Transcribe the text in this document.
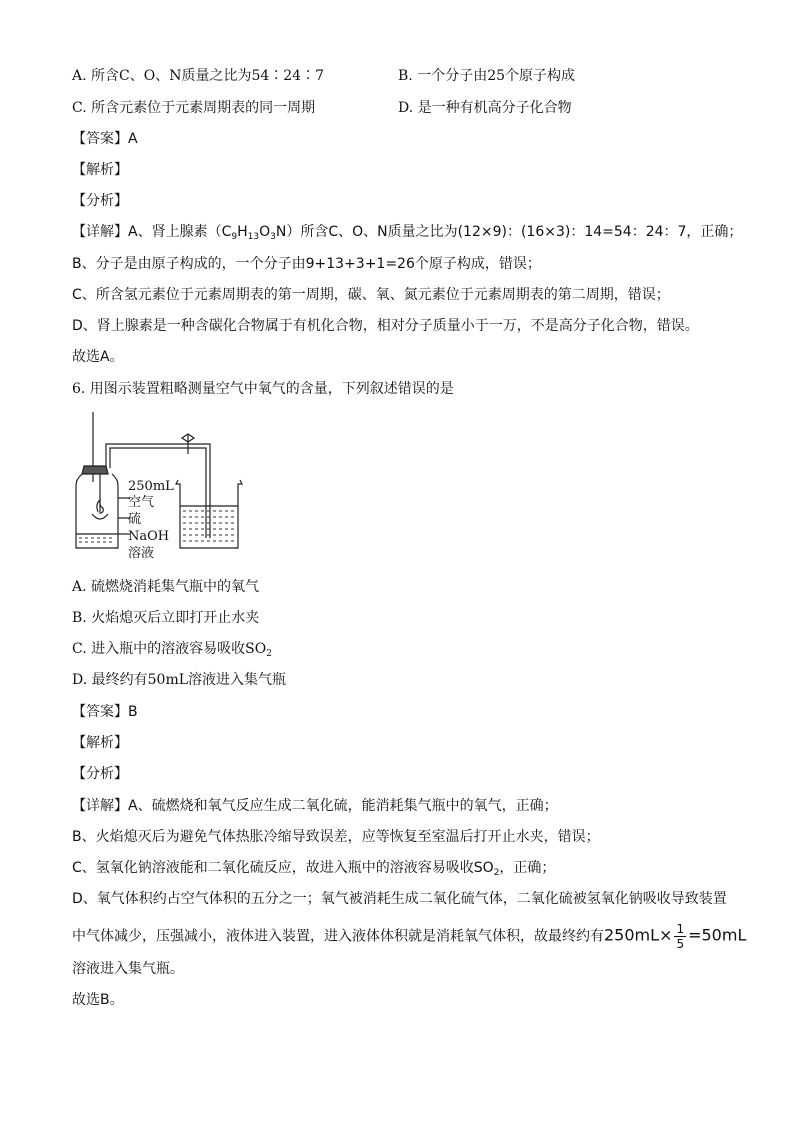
A. 所含C、O、N质量之比为54∶24∶7	B. 一个分子由25个原子构成
C. 所含元素位于元素周期表的同一周期	D. 是一种有机高分子化合物
【答案】A
【解析】
【分析】
【详解】A、肾上腺素$(C_9H_{13}O_3N)$所含C、O、N质量之比为(12×9)：(16×3)：14=54：24：7，正确；
B、分子是由原子构成的，一个分子由9+13+3+1=26个原子构成，错误；
C、所含氢元素位于元素周期表的第一周期，碳、氧、氮元素位于元素周期表的第二周期，错误；
D、肾上腺素是一种含碳化合物属于有机化合物，相对分子质量小于一万，不是高分子化合物，错误。
故选A。
6. 用图示装置粗略测量空气中氧气的含量，下列叙述错误的是
250mL
空气
硫
NaOH
溶液
A. 硫燃烧消耗集气瓶中的氧气
B. 火焰熄灭后立即打开止水夹
C. 进入瓶中的溶液容易吸收$SO_2$
D. 最终约有50mL溶液进入集气瓶
【答案】B
【解析】
【分析】
【详解】A、硫燃烧和氧气反应生成二氧化硫，能消耗集气瓶中的氧气，正确；
B、火焰熄灭后为避免气体热胀冷缩导致误差，应等恢复至室温后打开止水夹，错误；
C、氢氧化钠溶液能和二氧化硫反应，故进入瓶中的溶液容易吸收$SO_2$，正确；
D、氧气体积约占空气体积的五分之一；氧气被消耗生成二氧化硫气体，二氧化硫被氢氧化钠吸收导致装置
中气体减少，压强减小，液体进入装置，进入液体体积就是消耗氧气体积，故最终约有$250mL\times \frac{1}{5} =50mL$
溶液进入集气瓶。
故选B。
